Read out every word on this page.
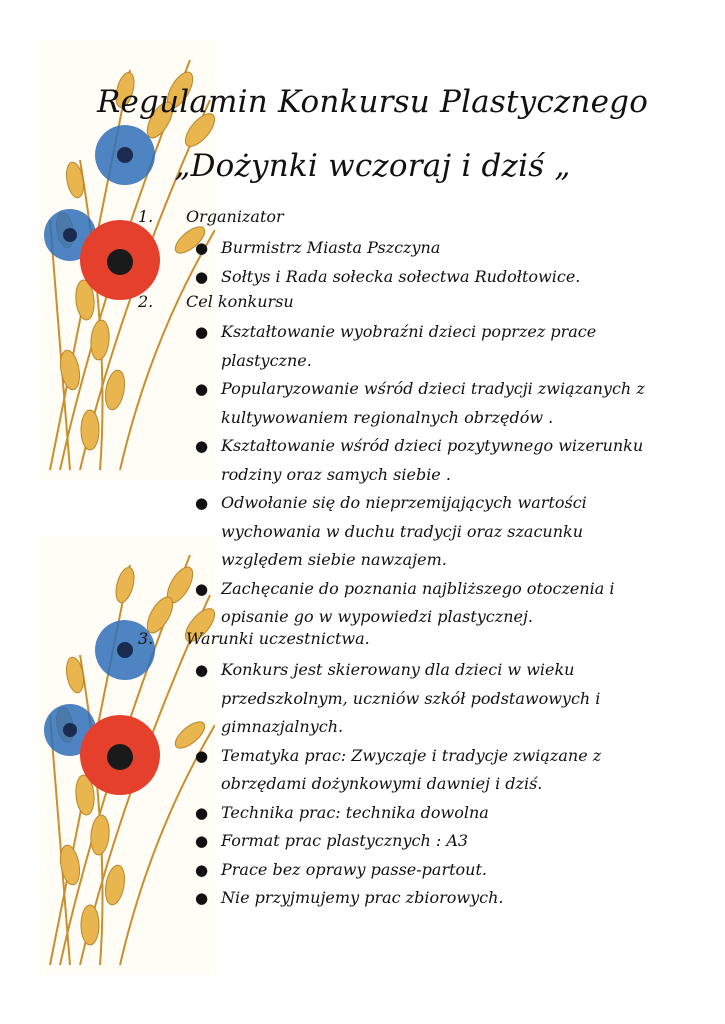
Regulamin Konkursu Plastycznego
„Dożynki wczoraj i dziś „
1. Organizator
● Burmistrz Miasta Pszczyna
● Sołtys i Rada sołecka sołectwa Rudołtowice.
2. Cel konkursu
● Kształtowanie wyobraźni dzieci poprzez prace plastyczne.
● Popularyzowanie wśród dzieci tradycji związanych z kultywowaniem regionalnych obrzędów .
● Kształtowanie wśród dzieci pozytywnego wizerunku rodziny oraz samych siebie .
● Odwołanie się do nieprzemijających wartości wychowania w duchu tradycji oraz szacunku względem siebie nawzajem.
● Zachęcanie do poznania najbliższego otoczenia i opisanie go w wypowiedzi plastycznej.
3. Warunki uczestnictwa.
● Konkurs jest skierowany dla dzieci w wieku przedszkolnym, uczniów szkół podstawowych i gimnazjalnych.
● Tematyka prac: Zwyczaje i tradycje związane z obrzędami dożynkowymi dawniej i dziś.
● Technika prac: technika dowolna
● Format prac plastycznych : A3
● Prace bez oprawy passe-partout.
● Nie przyjmujemy prac zbiorowych.
